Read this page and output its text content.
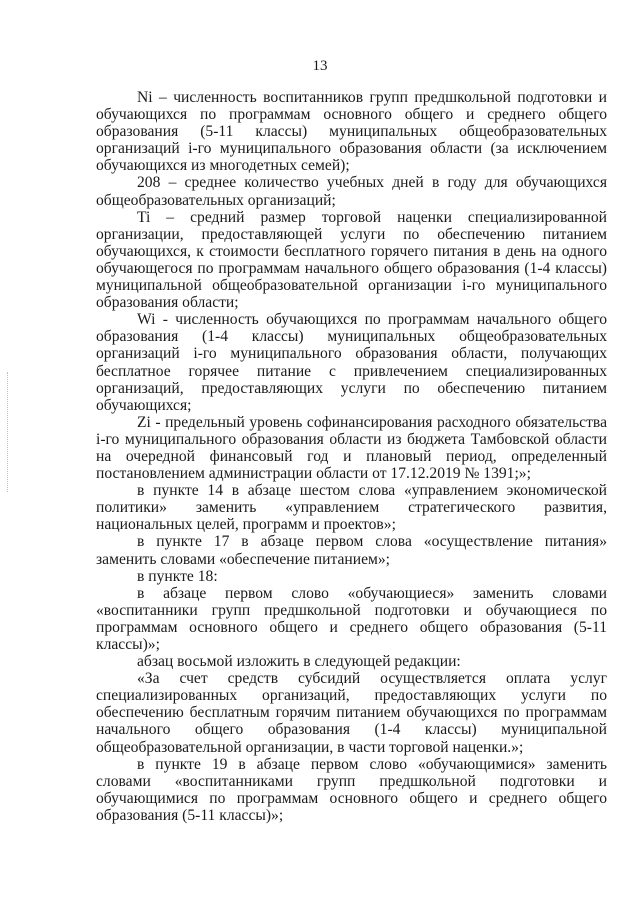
13

Ni – численность воспитанников групп предшкольной подготовки и обучающихся по программам основного общего и среднего общего образования (5-11 классы) муниципальных общеобразовательных организаций i-го муниципального образования области (за исключением обучающихся из многодетных семей);

208 – среднее количество учебных дней в году для обучающихся общеобразовательных организаций;

Ti – средний размер торговой наценки специализированной организации, предоставляющей услуги по обеспечению питанием обучающихся, к стоимости бесплатного горячего питания в день на одного обучающегося по программам начального общего образования (1-4 классы) муниципальной общеобразовательной организации i-го муниципального образования области;

Wi - численность обучающихся по программам начального общего образования (1-4 классы) муниципальных общеобразовательных организаций i-го муниципального образования области, получающих бесплатное горячее питание с привлечением специализированных организаций, предоставляющих услуги по обеспечению питанием обучающихся;

Zi - предельный уровень софинансирования расходного обязательства i-го муниципального образования области из бюджета Тамбовской области на очередной финансовый год и плановый период, определенный постановлением администрации области от 17.12.2019 № 1391;»;

в пункте 14 в абзаце шестом слова «управлением экономической политики» заменить «управлением стратегического развития, национальных целей, программ и проектов»;

в пункте 17 в абзаце первом слова «осуществление питания» заменить словами «обеспечение питанием»;

в пункте 18:

в абзаце первом слово «обучающиеся» заменить словами «воспитанники групп предшкольной подготовки и обучающиеся по программам основного общего и среднего общего образования (5-11 классы)»;

абзац восьмой изложить в следующей редакции:

«За счет средств субсидий осуществляется оплата услуг специализированных организаций, предоставляющих услуги по обеспечению бесплатным горячим питанием обучающихся по программам начального общего образования (1-4 классы) муниципальной общеобразовательной организации, в части торговой наценки.»;

в пункте 19 в абзаце первом слово «обучающимися» заменить словами «воспитанниками групп предшкольной подготовки и обучающимися по программам основного общего и среднего общего образования (5-11 классы)»;
